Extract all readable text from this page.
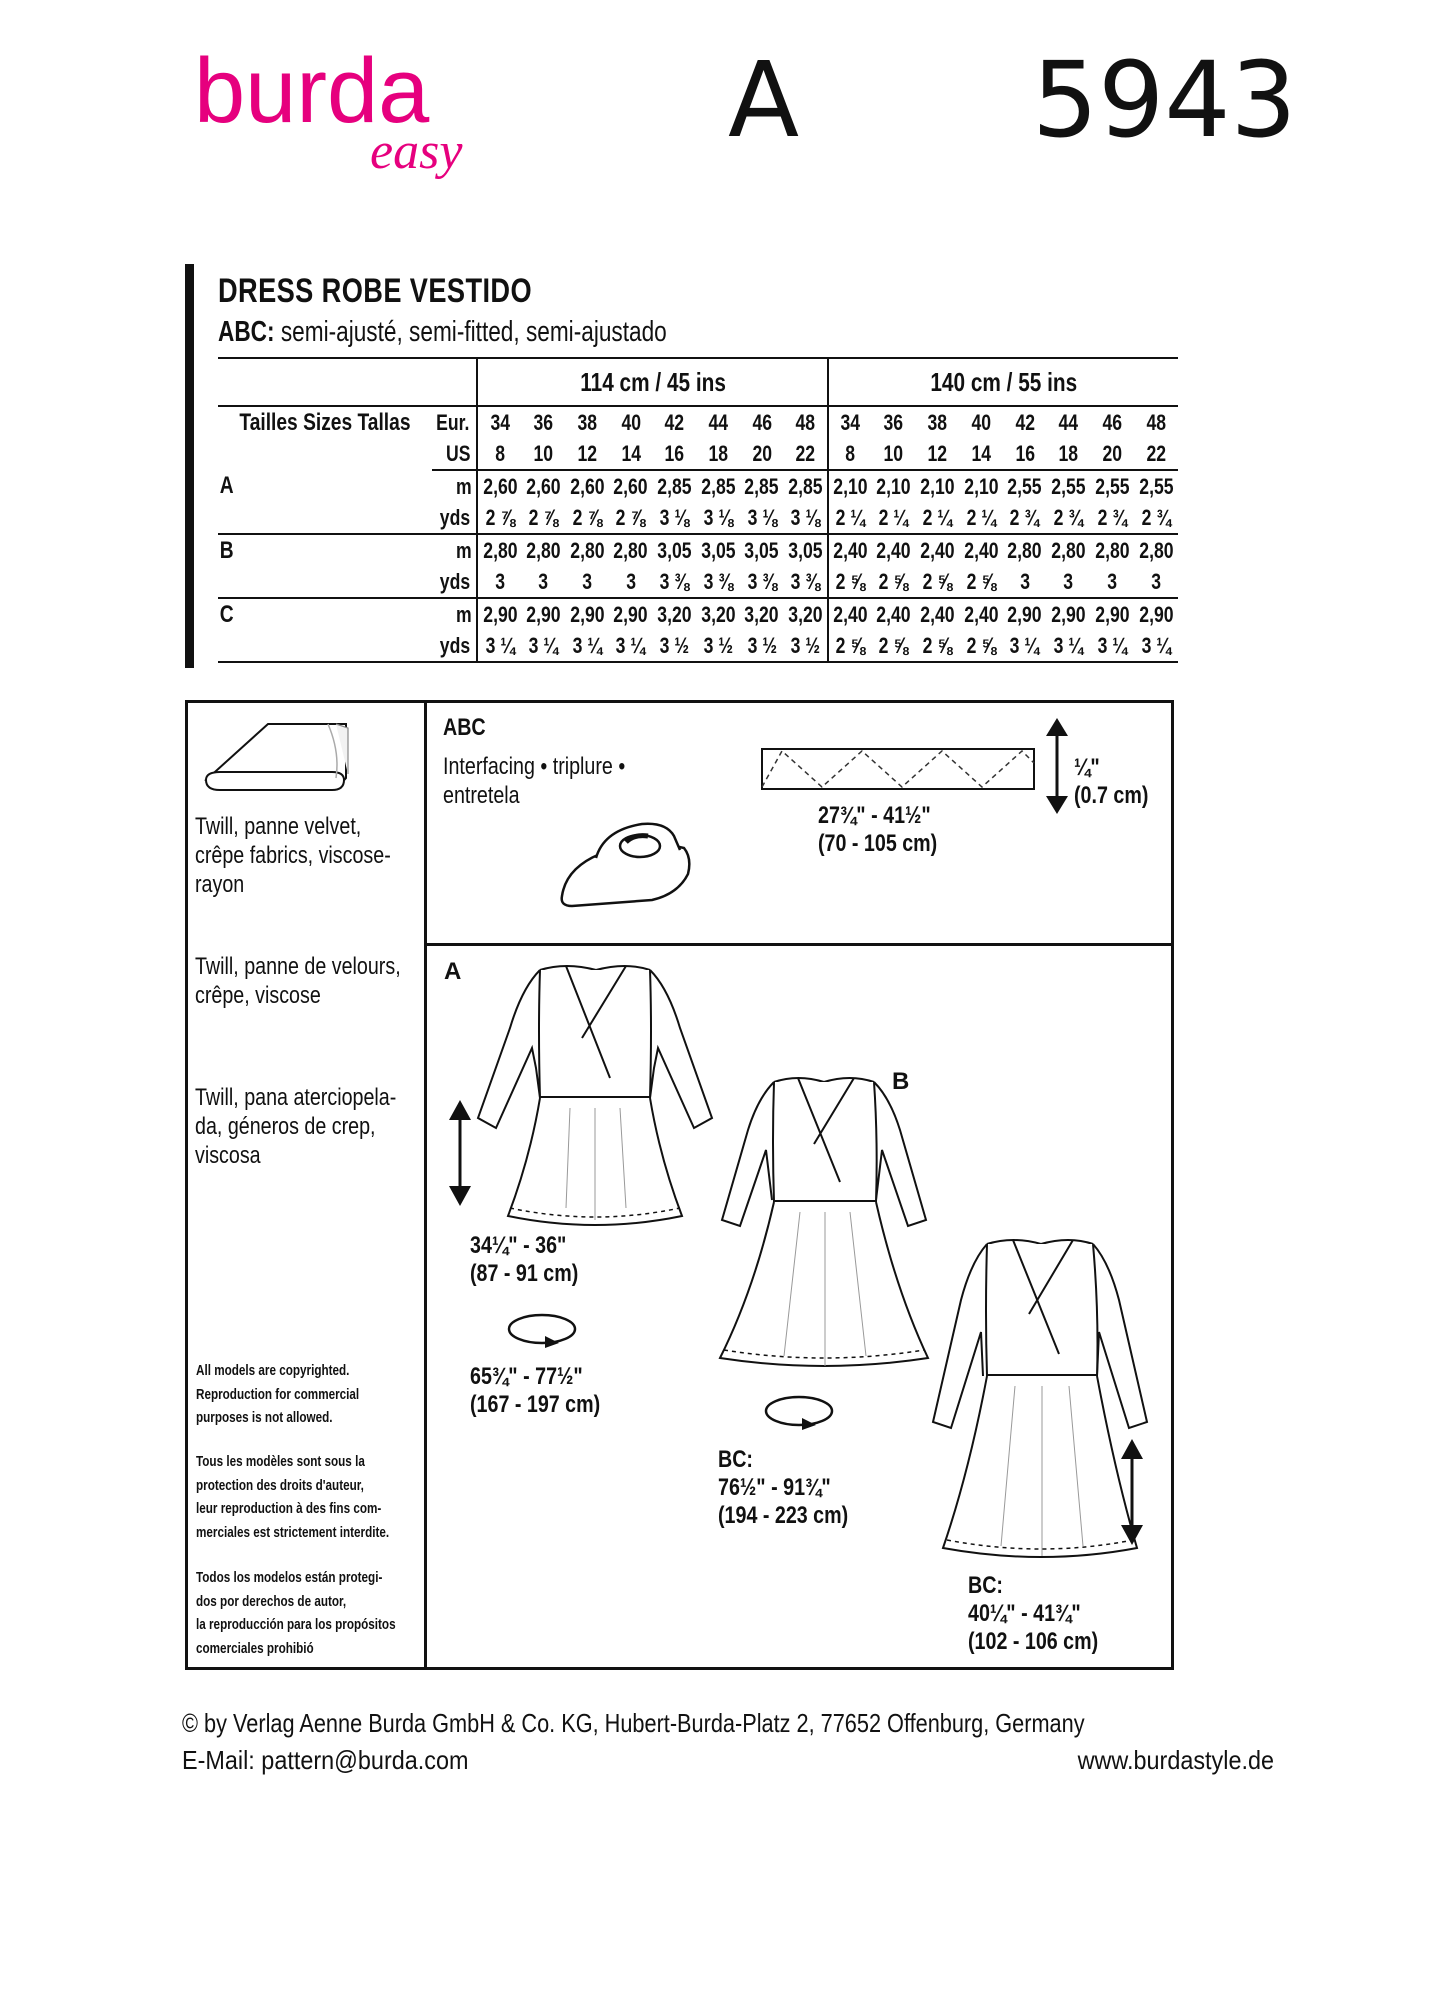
burda
easy	A 5943
DRESS ROBE VESTIDO
ABC: semi-ajusté, semi-fitted, semi-ajustado
		114 cm / 45 ins								140 cm / 55 ins							
Tailles Sizes Tallas	Eur.	34	36	38	40	42	44	46	48	34	36	38	40	42	44	46	48
	US	8	10	12	14	16	18	20	22	8	10	12	14	16	18	20	22
A	m	2,60	2,60	2,60	2,60	2,85	2,85	2,85	2,85	2,10	2,10	2,10	2,10	2,55	2,55	2,55	2,55
	yds	2 ⅞	2 ⅞	2 ⅞	2 ⅞	3 ⅛	3 ⅛	3 ⅛	3 ⅛	2 ¼	2 ¼	2 ¼	2 ¼	2 ¾	2 ¾	2 ¾	2 ¾
B	m	2,80	2,80	2,80	2,80	3,05	3,05	3,05	3,05	2,40	2,40	2,40	2,40	2,80	2,80	2,80	2,80
	yds	3	3	3	3	3 ⅜	3 ⅜	3 ⅜	3 ⅜	2 ⅝	2 ⅝	2 ⅝	2 ⅝	3	3	3	3
C	m	2,90	2,90	2,90	2,90	3,20	3,20	3,20	3,20	2,40	2,40	2,40	2,40	2,90	2,90	2,90	2,90
	yds	3 ¼	3 ¼	3 ¼	3 ¼	3 ½	3 ½	3 ½	3 ½	2 ⅝	2 ⅝	2 ⅝	2 ⅝	3 ¼	3 ¼	3 ¼	3 ¼
Twill, panne velvet,
crêpe fabrics, viscose-
rayon
Twill, panne de velours,
crêpe, viscose
Twill, pana aterciopela-
da, géneros de crep,
viscosa
All models are copyrighted.
Reproduction for commercial
purposes is not allowed.
Tous les modèles sont sous la
protection des droits d'auteur,
leur reproduction à des fins com-
merciales est strictement interdite.
Todos los modelos están protegi-
dos por derechos de autor,
la reproducción para los propósitos
comerciales prohibió
ABC
Interfacing • triplure •
entretela
27¾" - 41½"
(70 - 105 cm)
¼"
(0.7 cm)
A
34¼" - 36"
(87 - 91 cm)
65¾" - 77½"
(167 - 197 cm)
B
BC:
76½" - 91¾"
(194 - 223 cm)
BC:
40¼" - 41¾"
(102 - 106 cm)
© by Verlag Aenne Burda GmbH & Co. KG, Hubert-Burda-Platz 2, 77652 Offenburg, Germany
E-Mail: pattern@burda.com	www.burdastyle.de
